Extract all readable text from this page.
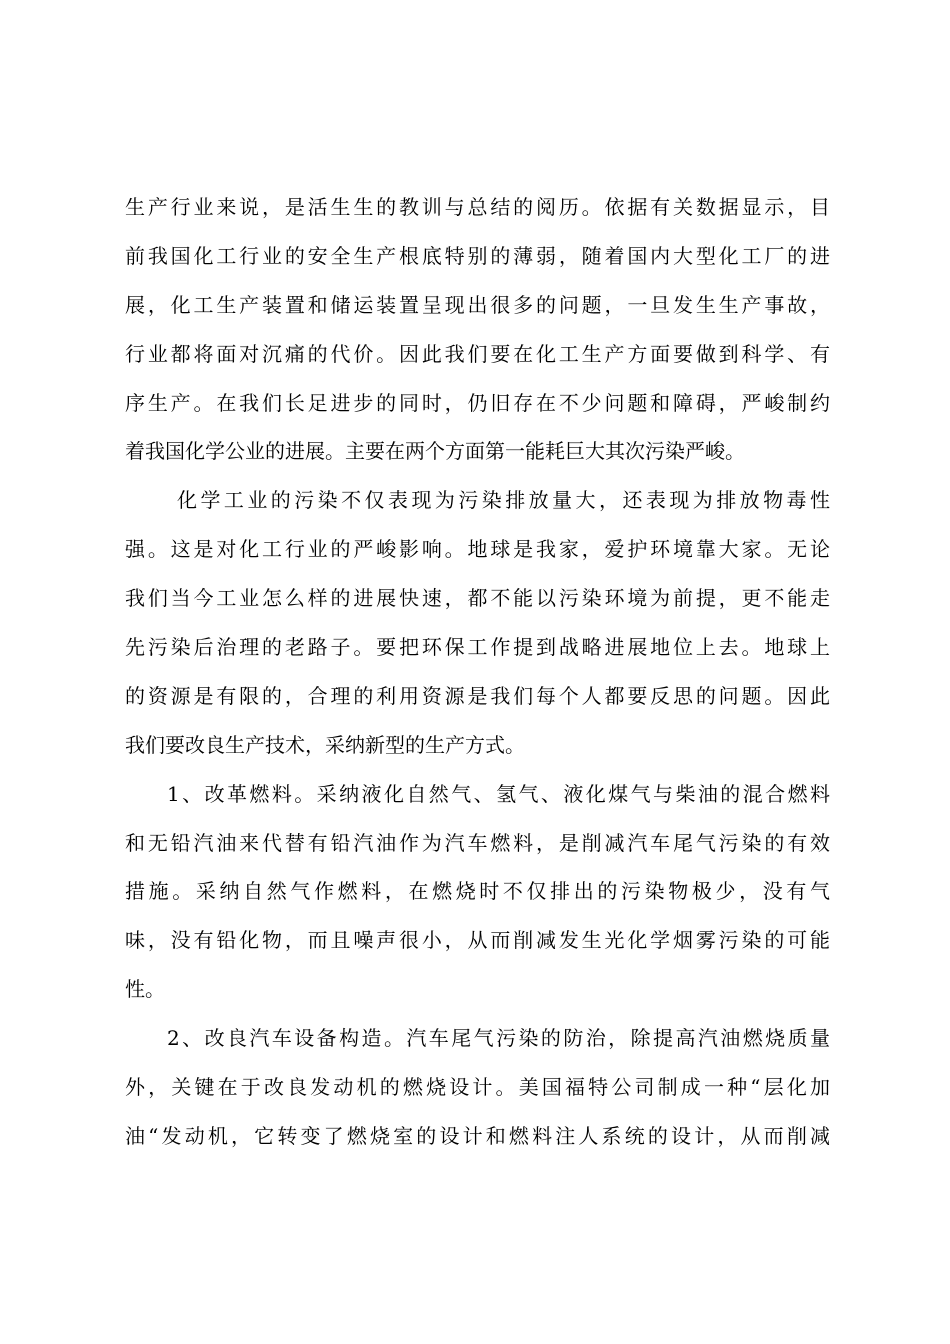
生产行业来说，是活生生的教训与总结的阅历。依据有关数据显示，目
前我国化工行业的安全生产根底特别的薄弱，随着国内大型化工厂的进
展，化工生产装置和储运装置呈现出很多的问题，一旦发生生产事故，
行业都将面对沉痛的代价。因此我们要在化工生产方面要做到科学、有
序生产。在我们长足进步的同时，仍旧存在不少问题和障碍，严峻制约
着我国化学公业的进展。主要在两个方面第一能耗巨大其次污染严峻。
化学工业的污染不仅表现为污染排放量大，还表现为排放物毒性
强。这是对化工行业的严峻影响。地球是我家，爱护环境靠大家。无论
我们当今工业怎么样的进展快速，都不能以污染环境为前提，更不能走
先污染后治理的老路子。要把环保工作提到战略进展地位上去。地球上
的资源是有限的，合理的利用资源是我们每个人都要反思的问题。因此
我们要改良生产技术，采纳新型的生产方式。
1、改革燃料。采纳液化自然气、氢气、液化煤气与柴油的混合燃料
和无铅汽油来代替有铅汽油作为汽车燃料，是削减汽车尾气污染的有效
措施。采纳自然气作燃料，在燃烧时不仅排出的污染物极少，没有气
味，没有铅化物，而且噪声很小，从而削减发生光化学烟雾污染的可能
性。
2、改良汽车设备构造。汽车尾气污染的防治，除提高汽油燃烧质量
外，关键在于改良发动机的燃烧设计。美国福特公司制成一种“层化加
油“发动机，它转变了燃烧室的设计和燃料注人系统的设计，从而削减
